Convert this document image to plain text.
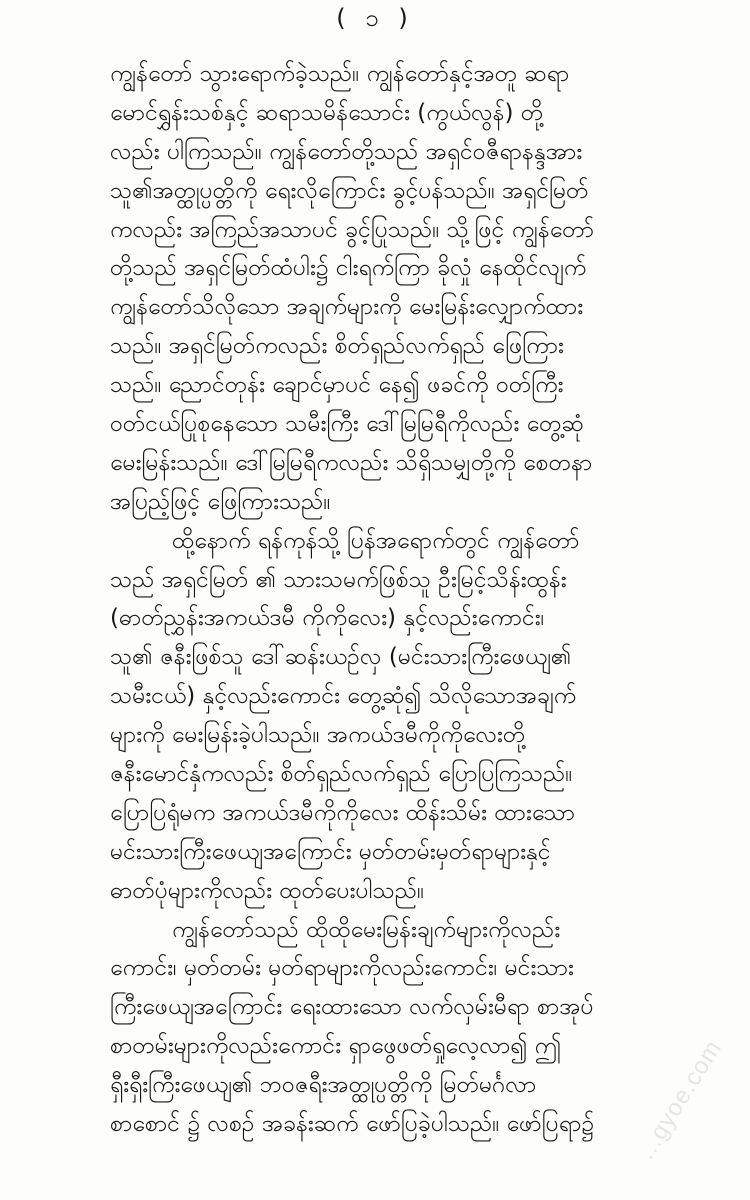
( ၁ )
ကျွန်တော် သွားရောက်ခဲ့သည်။ ကျွန်တော်နှင့်အတူ ဆရာ
မောင်ရွှန်းသစ်နှင့် ဆရာသမိန်သောင်း (ကွယ်လွန်) တို့
လည်း ပါကြသည်။ ကျွန်တော်တို့သည် အရှင်ဝဇီရာနန္ဒအား
သူ၏အတ္ထုပ္ပတ္တိကို ရေးလိုကြောင်း ခွင့်ပန်သည်။ အရှင်မြတ်
ကလည်း အကြည်အသာပင် ခွင့်ပြုသည်။ သို့ဖြင့် ကျွန်တော်
တို့သည် အရှင်မြတ်ထံပါး၌ ငါးရက်ကြာ ခိုလှုံ နေထိုင်လျက်
ကျွန်တော်သိလိုသော အချက်များကို မေးမြန်းလျှောက်ထား
သည်။ အရှင်မြတ်ကလည်း စိတ်ရှည်လက်ရှည် ဖြေကြား
သည်။ ညောင်တုန်း ချောင်မှာပင် နေ၍ ဖခင်ကို ဝတ်ကြီး
ဝတ်ငယ်ပြုစုနေသော သမီးကြီး ဒေါ်မြမြရီကိုလည်း တွေ့ဆုံ
မေးမြန်းသည်။ ဒေါ်မြမြရီကလည်း သိရှိသမျှတို့ကို စေတနာ
အပြည့်ဖြင့် ဖြေကြားသည်။
ထို့နောက် ရန်ကုန်သို့ ပြန်အရောက်တွင် ကျွန်တော်
သည် အရှင်မြတ် ၏ သားသမက်ဖြစ်သူ ဦးမြင့်သိန်းထွန်း
(ဓာတ်ညွှန်းအကယ်ဒမီ ကိုကိုလေး) နှင့်လည်းကောင်း၊
သူ၏ ဇနီးဖြစ်သူ ဒေါ်ဆန်းယဉ်လှ (မင်းသားကြီးဖေယျ၏
သမီးငယ်) နှင့်လည်းကောင်း တွေ့ဆုံ၍ သိလိုသောအချက်
များကို မေးမြန်းခဲ့ပါသည်။ အကယ်ဒမီကိုကိုလေးတို့
ဇနီးမောင်နှံကလည်း စိတ်ရှည်လက်ရှည် ပြောပြကြသည်။
ပြောပြရုံမက အကယ်ဒမီကိုကိုလေး ထိန်းသိမ်း ထားသော
မင်းသားကြီးဖေယျအကြောင်း မှတ်တမ်းမှတ်ရာများနှင့်
ဓာတ်ပုံများကိုလည်း ထုတ်ပေးပါသည်။
ကျွန်တော်သည် ထိုထိုမေးမြန်းချက်များကိုလည်း
ကောင်း၊ မှတ်တမ်း မှတ်ရာများကိုလည်းကောင်း၊ မင်းသား
ကြီးဖေယျအကြောင်း ရေးထားသော လက်လှမ်းမီရာ စာအုပ်
စာတမ်းများကိုလည်းကောင်း ရှာဖွေဖတ်ရှုလေ့လာ၍ ဤ
ရှီးရှီးကြီးဖေယျ၏ ဘဝဇရီးအတ္ထုပ္ပတ္တိကို မြတ်မင်္ဂလာ
စာစောင် ၌ လစဉ် အခန်းဆက် ဖော်ပြခဲ့ပါသည်။ ဖော်ပြရာ၌	...gyoe.com
